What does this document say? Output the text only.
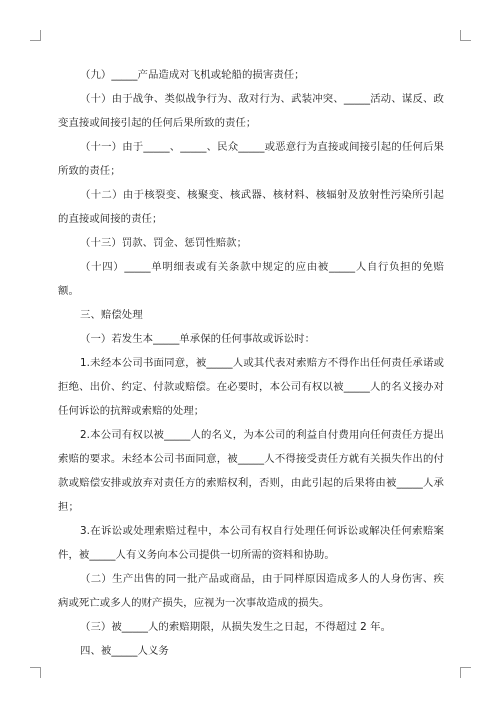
（九）_____产品造成对飞机或轮船的损害责任；

（十）由于战争、类似战争行为、敌对行为、武装冲突、_____活动、谋反、政变直接或间接引起的任何后果所致的责任；

（十一）由于_____、_____、民众_____或恶意行为直接或间接引起的任何后果所致的责任；

（十二）由于核裂变、核聚变、核武器、核材料、核辐射及放射性污染所引起的直接或间接的责任；

（十三）罚款、罚金、惩罚性赔款；

（十四）_____单明细表或有关条款中规定的应由被_____人自行负担的免赔额。

三、赔偿处理

（一）若发生本_____单承保的任何事故或诉讼时：

1.未经本公司书面同意，被_____人或其代表对索赔方不得作出任何责任承诺或拒绝、出价、约定、付款或赔偿。在必要时，本公司有权以被_____人的名义接办对任何诉讼的抗辩或索赔的处理；

2.本公司有权以被_____人的名义，为本公司的利益自付费用向任何责任方提出索赔的要求。未经本公司书面同意，被_____人不得接受责任方就有关损失作出的付款或赔偿安排或放弃对责任方的索赔权利，否则，由此引起的后果将由被_____人承担；

3.在诉讼或处理索赔过程中，本公司有权自行处理任何诉讼或解决任何索赔案件，被_____人有义务向本公司提供一切所需的资料和协助。

（二）生产出售的同一批产品或商品，由于同样原因造成多人的人身伤害、疾病或死亡或多人的财产损失，应视为一次事故造成的损失。

（三）被_____人的索赔期限，从损失发生之日起，不得超过 2 年。

四、被_____人义务
